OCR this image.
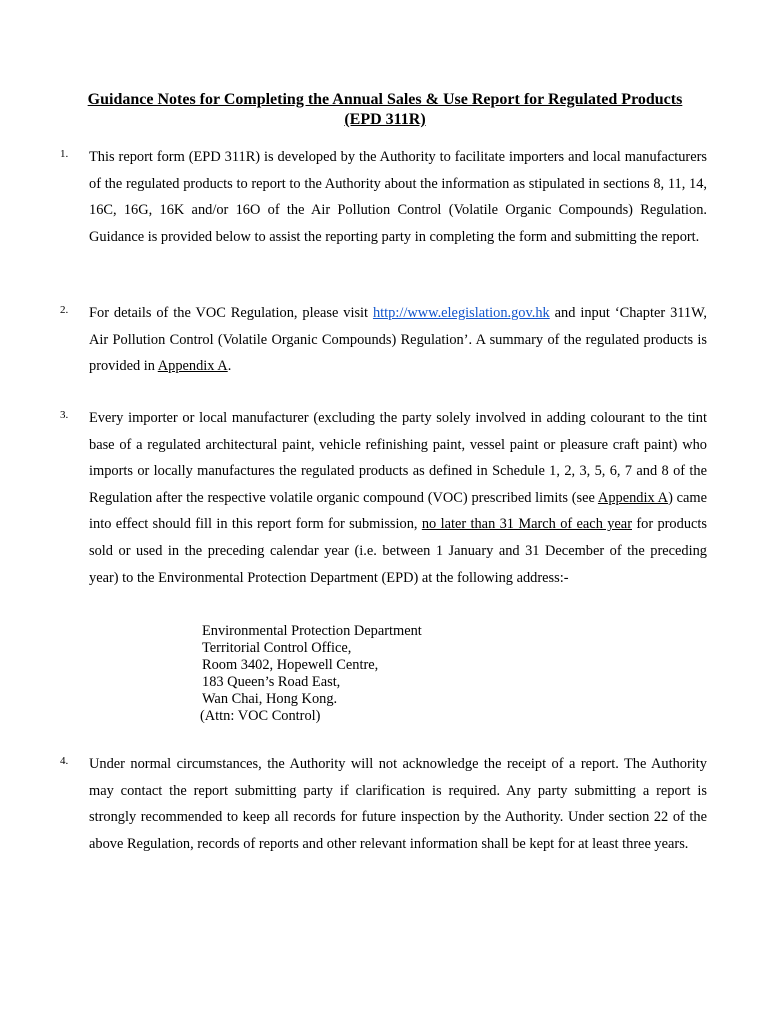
Guidance Notes for Completing the Annual Sales & Use Report for Regulated Products (EPD 311R)
1. This report form (EPD 311R) is developed by the Authority to facilitate importers and local manufacturers of the regulated products to report to the Authority about the information as stipulated in sections 8, 11, 14, 16C, 16G, 16K and/or 16O of the Air Pollution Control (Volatile Organic Compounds) Regulation. Guidance is provided below to assist the reporting party in completing the form and submitting the report.
2. For details of the VOC Regulation, please visit http://www.elegislation.gov.hk and input ‘Chapter 311W, Air Pollution Control (Volatile Organic Compounds) Regulation’. A summary of the regulated products is provided in Appendix A.
3. Every importer or local manufacturer (excluding the party solely involved in adding colourant to the tint base of a regulated architectural paint, vehicle refinishing paint, vessel paint or pleasure craft paint) who imports or locally manufactures the regulated products as defined in Schedule 1, 2, 3, 5, 6, 7 and 8 of the Regulation after the respective volatile organic compound (VOC) prescribed limits (see Appendix A) came into effect should fill in this report form for submission, no later than 31 March of each year for products sold or used in the preceding calendar year (i.e. between 1 January and 31 December of the preceding year) to the Environmental Protection Department (EPD) at the following address:-
Environmental Protection Department
Territorial Control Office,
Room 3402, Hopewell Centre,
183 Queen’s Road East,
Wan Chai, Hong Kong.
(Attn: VOC Control)
4. Under normal circumstances, the Authority will not acknowledge the receipt of a report. The Authority may contact the report submitting party if clarification is required. Any party submitting a report is strongly recommended to keep all records for future inspection by the Authority. Under section 22 of the above Regulation, records of reports and other relevant information shall be kept for at least three years.
